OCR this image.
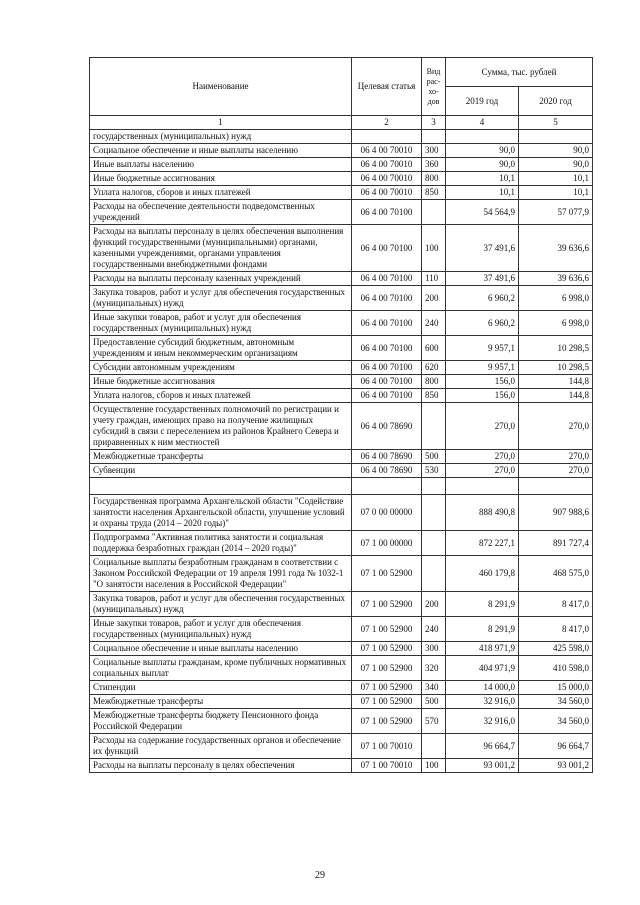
Наименование	Целевая статья	Вид
рас-
хо-
дов	Сумма, тыс. рублей	
			2019 год	2020 год
1	2	3	4	5
государственных (муниципальных) нужд				
Социальное обеспечение и иные выплаты населению	06 4 00 70010	300	90,0	90,0
Иные выплаты населению	06 4 00 70010	360	90,0	90,0
Иные бюджетные ассигнования	06 4 00 70010	800	10,1	10,1
Уплата налогов, сборов и иных платежей	06 4 00 70010	850	10,1	10,1
Расходы на обеспечение деятельности подведомственных учреждений	06 4 00 70100		54 564,9	57 077,9
Расходы на выплаты персоналу в целях обеспечения выполнения функций государственными (муниципальными) органами, казенными учреждениями, органами управления государственными внебюджетными фондами	06 4 00 70100	100	37 491,6	39 636,6
Расходы на выплаты персоналу казенных учреждений	06 4 00 70100	110	37 491,6	39 636,6
Закупка товаров, работ и услуг для обеспечения государственных (муниципальных) нужд	06 4 00 70100	200	6 960,2	6 998,0
Иные закупки товаров, работ и услуг для обеспечения государственных (муниципальных) нужд	06 4 00 70100	240	6 960,2	6 998,0
Предоставление субсидий бюджетным, автономным учреждениям и иным некоммерческим организациям	06 4 00 70100	600	9 957,1	10 298,5
Субсидии автономным учреждениям	06 4 00 70100	620	9 957,1	10 298,5
Иные бюджетные ассигнования	06 4 00 70100	800	156,0	144,8
Уплата налогов, сборов и иных платежей	06 4 00 70100	850	156,0	144,8
Осуществление государственных полномочий по регистрации и учету граждан, имеющих право на получение жилищных субсидий в связи с переселением из районов Крайнего Севера и приравненных к ним местностей	06 4 00 78690		270,0	270,0
Межбюджетные трансферты	06 4 00 78690	500	270,0	270,0
Субвенции	06 4 00 78690	530	270,0	270,0

Государственная программа Архангельской области "Содействие занятости населения Архангельской области, улучшение условий и охраны труда (2014 – 2020 годы)"	07 0 00 00000		888 490,8	907 988,6
Подпрограмма "Активная политика занятости и социальная поддержка безработных граждан (2014 – 2020 годы)"	07 1 00 00000		872 227,1	891 727,4
Социальные выплаты безработным гражданам в соответствии с Законом Российской Федерации от 19 апреля 1991 года № 1032-1 "О занятости населения в Российской Федерации"	07 1 00 52900		460 179,8	468 575,0
Закупка товаров, работ и услуг для обеспечения государственных (муниципальных) нужд	07 1 00 52900	200	8 291,9	8 417,0
Иные закупки товаров, работ и услуг для обеспечения государственных (муниципальных) нужд	07 1 00 52900	240	8 291,9	8 417,0
Социальное обеспечение и иные выплаты населению	07 1 00 52900	300	418 971,9	425 598,0
Социальные выплаты гражданам, кроме публичных нормативных социальных выплат	07 1 00 52900	320	404 971,9	410 598,0
Стипендии	07 1 00 52900	340	14 000,0	15 000,0
Межбюджетные трансферты	07 1 00 52900	500	32 916,0	34 560,0
Межбюджетные трансферты бюджету Пенсионного фонда Российской Федерации	07 1 00 52900	570	32 916,0	34 560,0
Расходы на содержание государственных органов и обеспечение их функций	07 1 00 70010		96 664,7	96 664,7
Расходы на выплаты персоналу в целях обеспечения	07 1 00 70010	100	93 001,2	93 001,2
29
